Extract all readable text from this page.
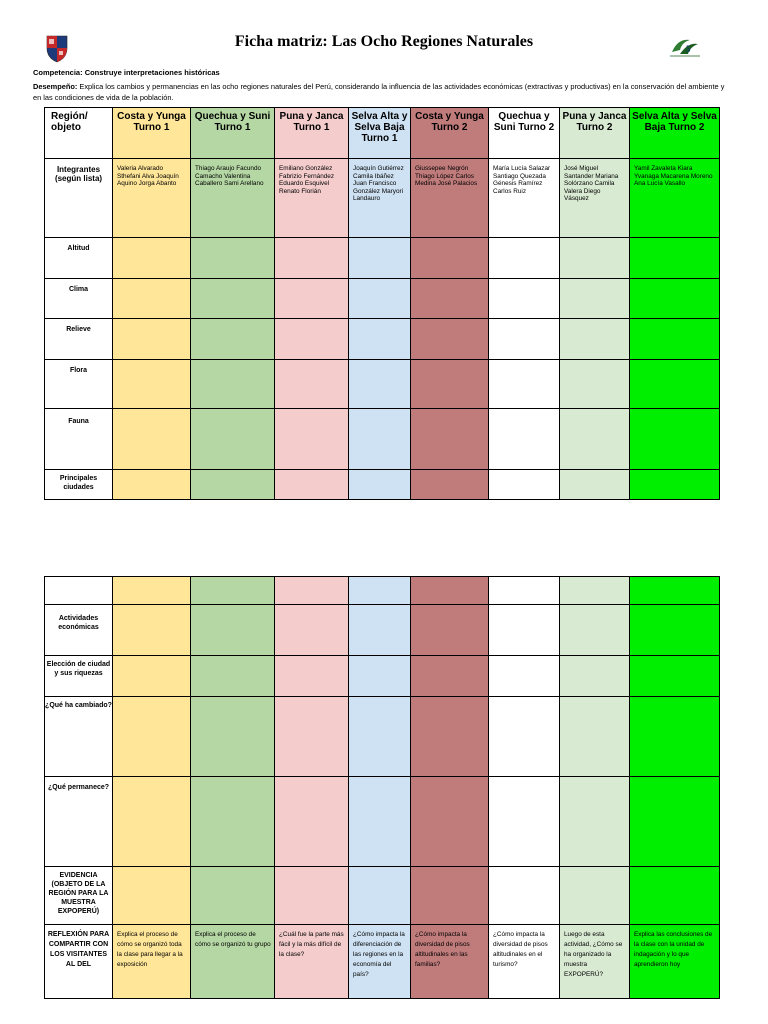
5
Ficha matriz: Las Ocho Regiones Naturales
Competencia: Construye interpretaciones históricas
Desempeño: Explica los cambios y permanencias en las ocho regiones naturales del Perú, considerando la influencia de las actividades económicas (extractivas y productivas) en la conservación del ambiente y en las condiciones de vida de la población.
Región/ objeto	Costa y Yunga Turno 1	Quechua y Suni Turno 1	Puna y Janca Turno 1	Selva Alta y Selva Baja Turno 1	Costa y Yunga Turno 2	Quechua y Suni Turno 2	Puna y Janca Turno 2	Selva Alta y Selva Baja Turno 2
Integrantes (según lista)	Valeria Alvarado Sthefani Alva Joaquín Aquino Jorga Abanto	Thiago Araujo Facundo Camacho Valentina Caballero Sami Arellano	Emiliano González Fabrizio Fernández Eduardo Esquivel Renato Florián	Joaquín Gutiérrez Camila Ibáñez Juan Francisco González Maryori Landauro	Giussepee Negrón Thiago López Carlos Medina José Palacios	María Lucía Salazar Santiago Quezada Génesis Ramírez Carlos Ruiz	José Miguel Santander Mariana Solórzano Camila Valera Diego Vásquez	Yamil Zavaleta Kiara Yvanaga Macarena Moreno Ana Lucía Vasallo
Altitud								
Clima								
Relieve								
Flora								
Fauna								
Principales ciudades								

Actividades económicas								
Elección de ciudad y sus riquezas								
¿Qué ha cambiado?								
¿Qué permanece?								
EVIDENCIA (OBJETO DE LA REGIÓN PARA LA MUESTRA EXPOPERÚ)								
REFLEXIÓN PARA COMPARTIR CON LOS VISITANTES AL DEL	Explica el proceso de cómo se organizó toda la clase para llegar a la exposición	Explica el proceso de cómo se organizó tu grupo	¿Cuál fue la parte más fácil y la más difícil de la clase?	¿Cómo impacta la diferenciación de las regiones en la economía del país?	¿Cómo impacta la diversidad de pisos altitudinales en las familias?	¿Cómo impacta la diversidad de pisos altitudinales en el turismo?	Luego de esta actividad, ¿Cómo se ha organizado la muestra EXPOPERÚ?	Explica las conclusiones de la clase con la unidad de indagación y lo que aprendieron hoy
